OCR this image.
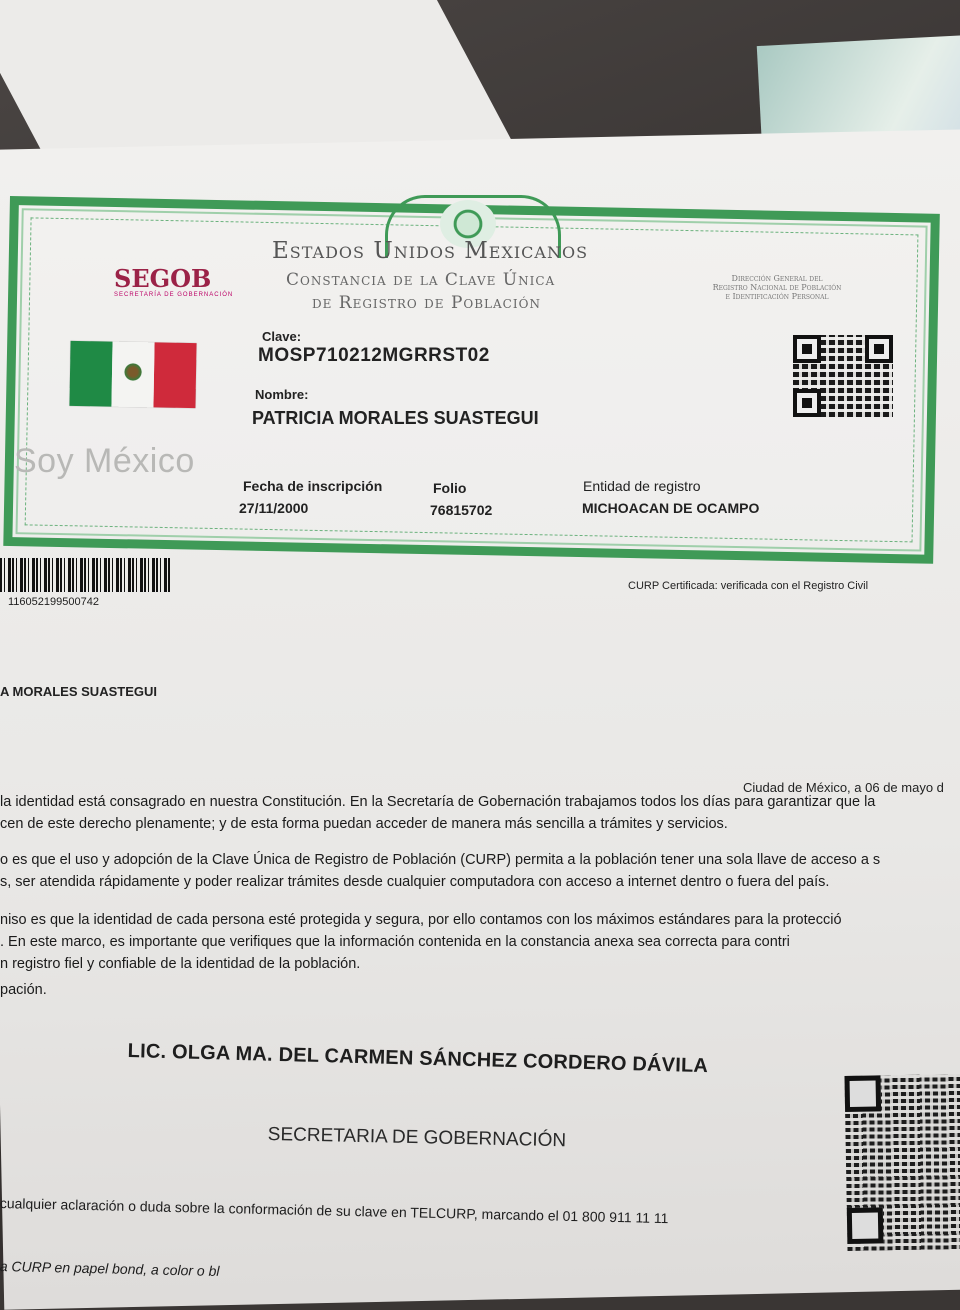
Estados Unidos Mexicanos
Constancia de la Clave Única
de Registro de Población
Dirección General del
Registro Nacional de Población
e Identificación Personal
SEGOB
SECRETARÍA DE GOBERNACIÓN
Soy México
Clave:
MOSP710212MGRRST02
Nombre:
PATRICIA MORALES SUASTEGUI
Fecha de inscripción
27/11/2000
Folio
76815702
Entidad de registro
MICHOACAN DE OCAMPO
116052199500742
CURP Certificada: verificada con el Registro Civil
A MORALES SUASTEGUI
Ciudad de México, a 06 de mayo d
la identidad está consagrado en nuestra Constitución. En la Secretaría de Gobernación trabajamos todos los días para garantizar que la
cen de este derecho plenamente; y de esta forma puedan acceder de manera más sencilla a trámites y servicios.
o es que el uso y adopción de la Clave Única de Registro de Población (CURP) permita a la población tener una sola llave de acceso a s
s, ser atendida rápidamente y poder realizar trámites desde cualquier computadora con acceso a internet dentro o fuera del país.
niso es que la identidad de cada persona esté protegida y segura, por ello contamos con los máximos estándares para la protecció
. En este marco, es importante que verifiques que la información contenida en la constancia anexa sea correcta para contri
n registro fiel y confiable de la identidad de la población.
pación.
LIC. OLGA MA. DEL CARMEN SÁNCHEZ CORDERO DÁVILA
SECRETARIA DE GOBERNACIÓN
cualquier aclaración o duda sobre la conformación de su clave en TELCURP, marcando el 01 800 911 11 11
a CURP en papel bond, a color o bl
